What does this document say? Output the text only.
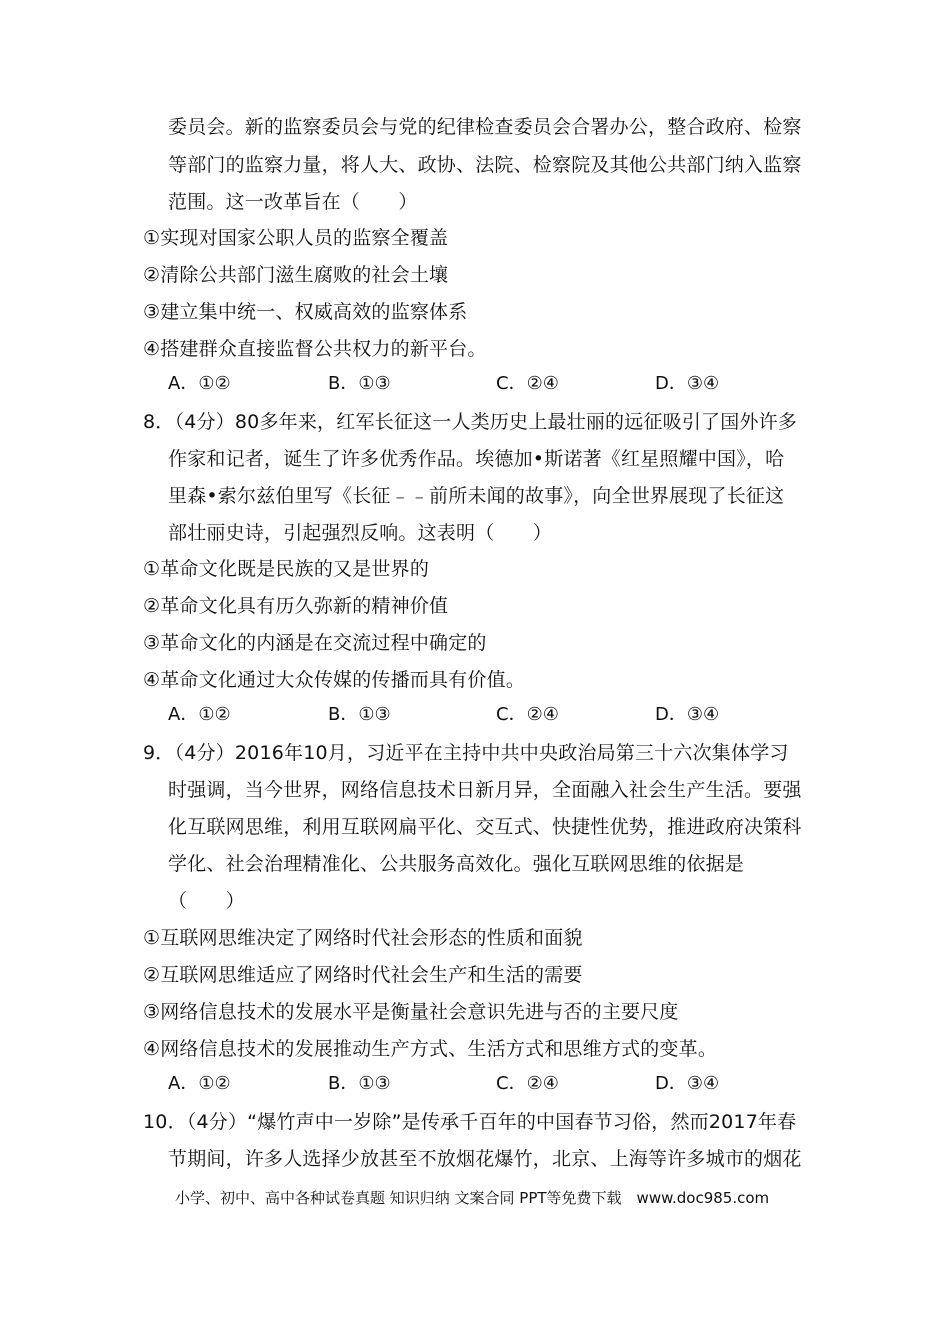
委员会。新的监察委员会与党的纪律检查委员会合署办公，整合政府、检察
等部门的监察力量，将人大、政协、法院、检察院及其他公共部门纳入监察
范围。这一改革旨在（　　）
①实现对国家公职人员的监察全覆盖
②清除公共部门滋生腐败的社会土壤
③建立集中统一、权威高效的监察体系
④搭建群众直接监督公共权力的新平台。
A．①②	B．①③	C．②④	D．③④
8．（4分）80多年来，红军长征这一人类历史上最壮丽的远征吸引了国外许多
作家和记者，诞生了许多优秀作品。埃德加•斯诺著《红星照耀中国》，哈
里森•索尔兹伯里写《长征﹣﹣前所未闻的故事》，向全世界展现了长征这
部壮丽史诗，引起强烈反响。这表明（　　）
①革命文化既是民族的又是世界的
②革命文化具有历久弥新的精神价值
③革命文化的内涵是在交流过程中确定的
④革命文化通过大众传媒的传播而具有价值。
A．①②	B．①③	C．②④	D．③④
9．（4分）2016年10月，习近平在主持中共中央政治局第三十六次集体学习
时强调，当今世界，网络信息技术日新月异，全面融入社会生产生活。要强
化互联网思维，利用互联网扁平化、交互式、快捷性优势，推进政府决策科
学化、社会治理精准化、公共服务高效化。强化互联网思维的依据是
（　　）
①互联网思维决定了网络时代社会形态的性质和面貌
②互联网思维适应了网络时代社会生产和生活的需要
③网络信息技术的发展水平是衡量社会意识先进与否的主要尺度
④网络信息技术的发展推动生产方式、生活方式和思维方式的变革。
A．①②	B．①③	C．②④	D．③④
10．（4分）“爆竹声中一岁除”是传承千百年的中国春节习俗，然而2017年春
节期间，许多人选择少放甚至不放烟花爆竹，北京、上海等许多城市的烟花
小学、初中、高中各种试卷真题 知识归纳 文案合同 PPT等免费下载　www.doc985.com
